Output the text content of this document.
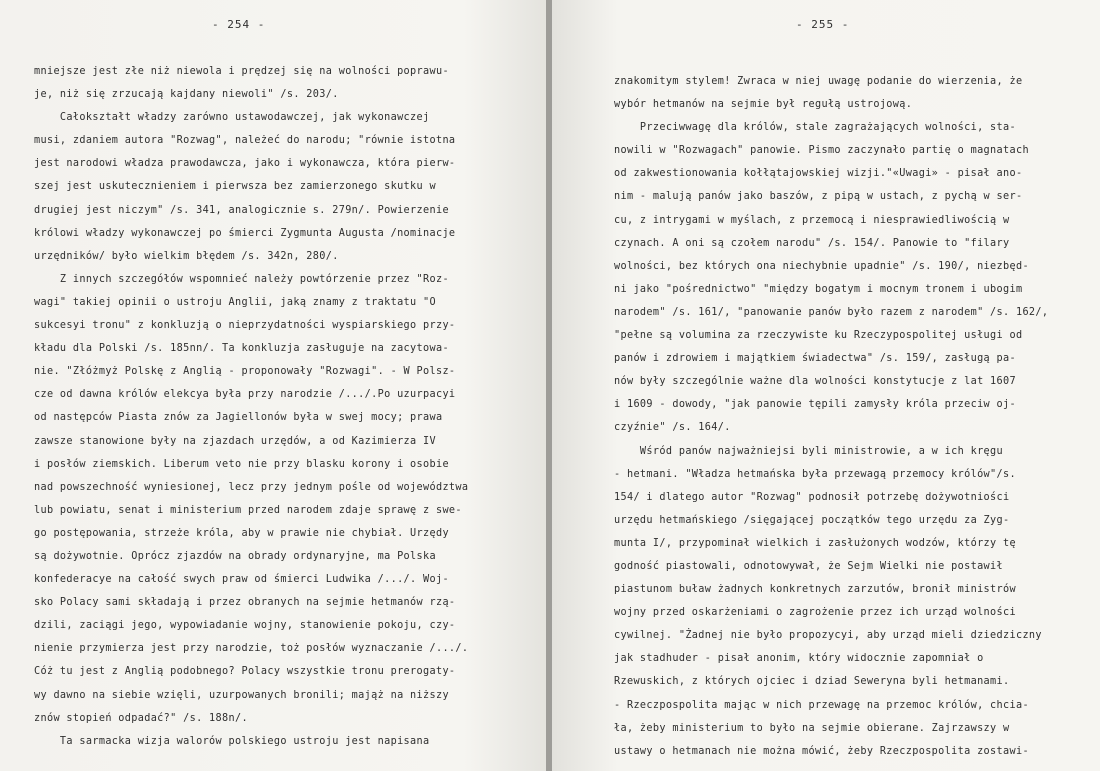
- 254 -
mniejsze jest złe niż niewola i prędzej się na wolności poprawu-
je, niż się zrzucają kajdany niewoli" /s. 203/.
Całokształt władzy zarówno ustawodawczej, jak wykonawczej
musi, zdaniem autora "Rozwag", należeć do narodu; "równie istotna
jest narodowi władza prawodawcza, jako i wykonawcza, która pierw-
szej jest uskutecznieniem i pierwsza bez zamierzonego skutku w
drugiej jest niczym" /s. 341, analogicznie s. 279n/. Powierzenie
królowi władzy wykonawczej po śmierci Zygmunta Augusta /nominacje
urzędników/ było wielkim błędem /s. 342n, 280/.
Z innych szczegółów wspomnieć należy powtórzenie przez "Roz-
wagi" takiej opinii o ustroju Anglii, jaką znamy z traktatu "O
sukcesyi tronu" z konkluzją o nieprzydatności wyspiarskiego przy-
kładu dla Polski /s. 185nn/. Ta konkluzja zasługuje na zacytowa-
nie. "Złóżmyż Polskę z Anglią - proponowały "Rozwagi". - W Polsz-
cze od dawna królów elekcya była przy narodzie /.../.Po uzurpacyi
od następców Piasta znów za Jagiellonów była w swej mocy; prawa
zawsze stanowione były na zjazdach urzędów, a od Kazimierza IV
i posłów ziemskich. Liberum veto nie przy blasku korony i osobie
nad powszechność wyniesionej, lecz przy jednym pośle od województwa
lub powiatu, senat i ministerium przed narodem zdaje sprawę z swe-
go postępowania, strzeże króla, aby w prawie nie chybiał. Urzędy
są dożywotnie. Oprócz zjazdów na obrady ordynaryjne, ma Polska
konfederacye na całość swych praw od śmierci Ludwika /.../. Woj-
sko Polacy sami składają i przez obranych na sejmie hetmanów rzą-
dzili, zaciągi jego, wypowiadanie wojny, stanowienie pokoju, czy-
nienie przymierza jest przy narodzie, toż posłów wyznaczanie /.../.
Cóż tu jest z Anglią podobnego? Polacy wszystkie tronu prerogaty-
wy dawno na siebie wzięli, uzurpowanych bronili; mająż na niższy
znów stopień odpadać?" /s. 188n/.
Ta sarmacka wizja walorów polskiego ustroju jest napisana
- 255 -
znakomitym stylem! Zwraca w niej uwagę podanie do wierzenia, że
wybór hetmanów na sejmie był regułą ustrojową.
Przeciwwagę dla królów, stale zagrażających wolności, sta-
nowili w "Rozwagach" panowie. Pismo zaczynało partię o magnatach
od zakwestionowania kołłątajowskiej wizji."«Uwagi» - pisał ano-
nim - malują panów jako baszów, z pipą w ustach, z pychą w ser-
cu, z intrygami w myślach, z przemocą i niesprawiedliwością w
czynach. A oni są czołem narodu" /s. 154/. Panowie to "filary
wolności, bez których ona niechybnie upadnie" /s. 190/, niezbęd-
ni jako "pośrednictwo" "między bogatym i mocnym tronem i ubogim
narodem" /s. 161/, "panowanie panów było razem z narodem" /s. 162/,
"pełne są volumina za rzeczywiste ku Rzeczypospolitej usługi od
panów i zdrowiem i majątkiem świadectwa" /s. 159/, zasługą pa-
nów były szczególnie ważne dla wolności konstytucje z lat 1607
i 1609 - dowody, "jak panowie tępili zamysły króla przeciw oj-
czyźnie" /s. 164/.
Wśród panów najważniejsi byli ministrowie, a w ich kręgu
- hetmani. "Władza hetmańska była przewagą przemocy królów"/s.
154/ i dlatego autor "Rozwag" podnosił potrzebę dożywotniości
urzędu hetmańskiego /sięgającej początków tego urzędu za Zyg-
munta I/, przypominał wielkich i zasłużonych wodzów, którzy tę
godność piastowali, odnotowywał, że Sejm Wielki nie postawił
piastunom buław żadnych konkretnych zarzutów, bronił ministrów
wojny przed oskarżeniami o zagrożenie przez ich urząd wolności
cywilnej. "Żadnej nie było propozycyi, aby urząd mieli dziedziczny
jak stadhuder - pisał anonim, który widocznie zapomniał o
Rzewuskich, z których ojciec i dziad Seweryna byli hetmanami.
- Rzeczpospolita mając w nich przewagę na przemoc królów, chcia-
ła, żeby ministerium to było na sejmie obierane. Zajrzawszy w
ustawy o hetmanach nie można mówić, żeby Rzeczpospolita zostawi-
